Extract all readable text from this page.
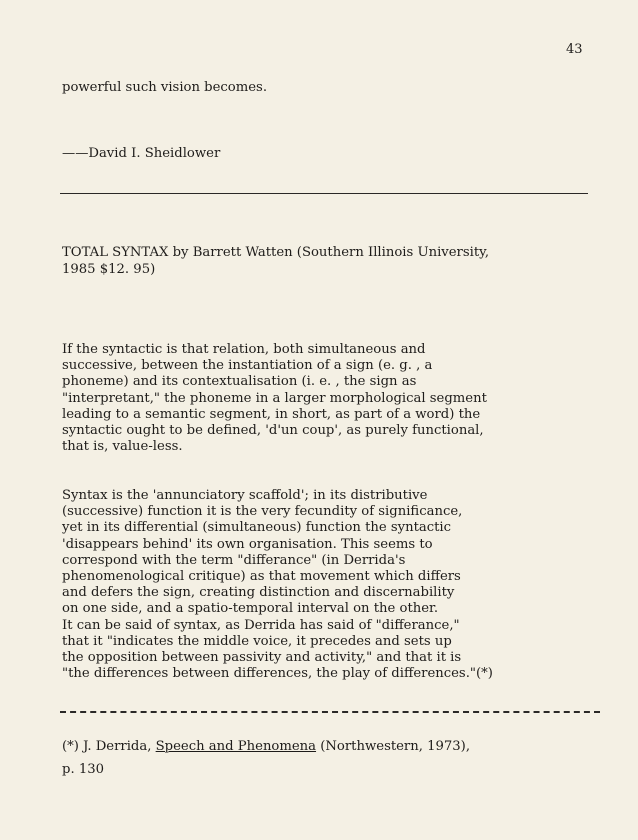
43
powerful such vision becomes.
——David I. Sheidlower
TOTAL SYNTAX by Barrett Watten (Southern Illinois University,
1985 $12. 95)
If the syntactic is that relation, both simultaneous and
successive, between the instantiation of a sign (e. g. , a
phoneme) and its contextualisation (i. e. , the sign as
"interpretant," the phoneme in a larger morphological segment
leading to a semantic segment, in short, as part of a word) the
syntactic ought to be defined, 'd'un coup', as purely functional,
that is, value-less.
Syntax is the 'annunciatory scaffold'; in its distributive
(successive) function it is the very fecundity of significance,
yet in its differential (simultaneous) function the syntactic
'disappears behind' its own organisation. This seems to
correspond with the term "differance" (in Derrida's
phenomenological critique) as that movement which differs
and defers the sign, creating distinction and discernability
on one side, and a spatio-temporal interval on the other.
It can be said of syntax, as Derrida has said of "differance,"
that it "indicates the middle voice, it precedes and sets up
the opposition between passivity and activity," and that it is
"the differences between differences, the play of differences."(*)
(*) J. Derrida, Speech and Phenomena (Northwestern, 1973),
p. 130
